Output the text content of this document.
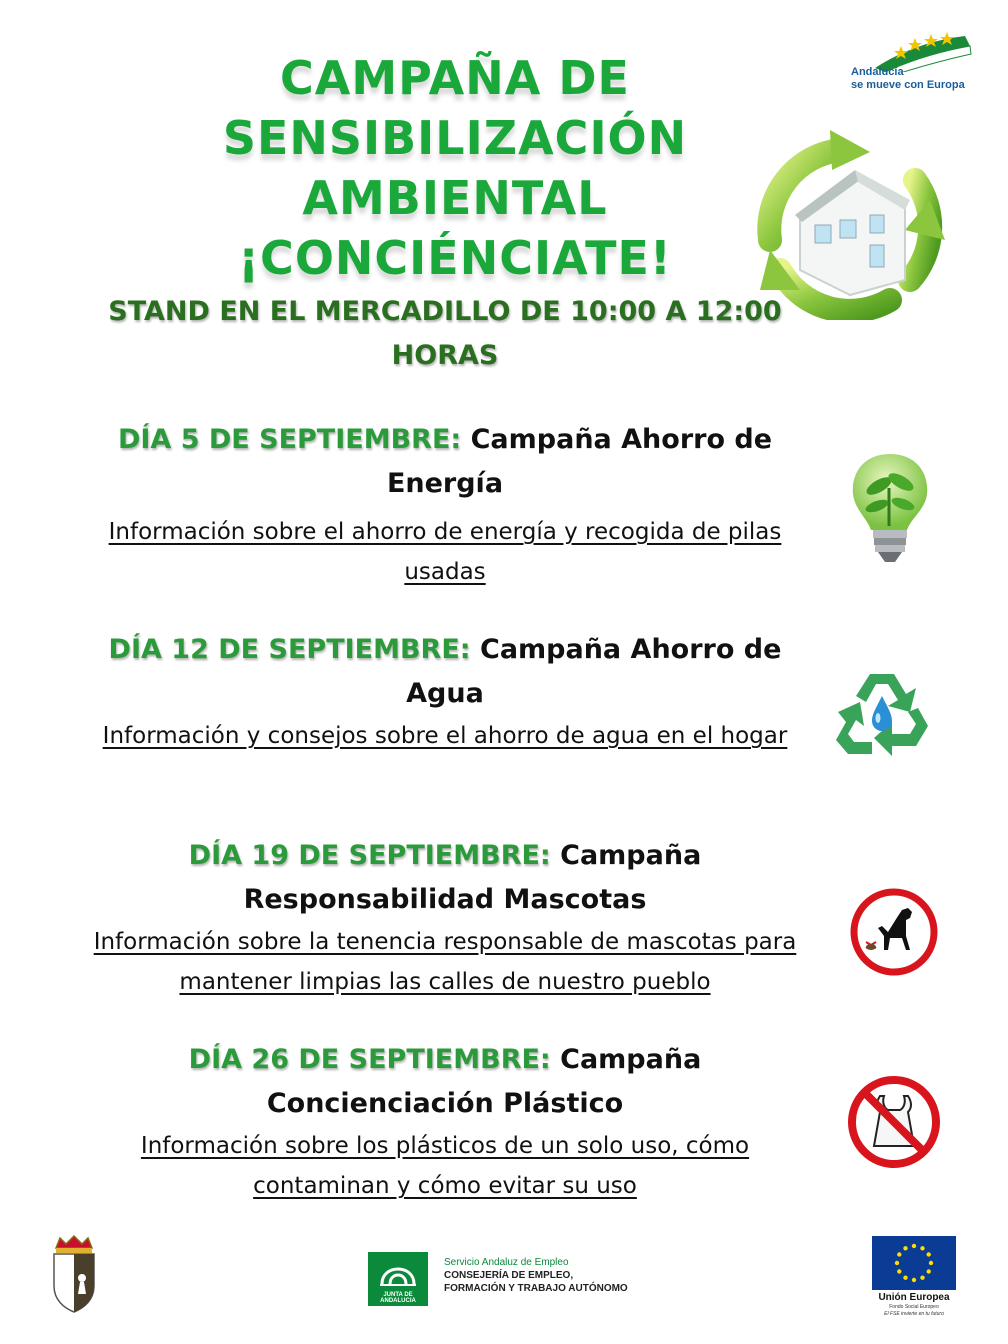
CAMPAÑA DE SENSIBILIZACIÓN
AMBIENTAL
¡CONCIÉNCIATE!
Andalucía
se mueve con Europa
STAND EN EL MERCADILLO DE 10:00 A 12:00 HORAS
DÍA 5 DE SEPTIEMBRE: Campaña Ahorro de Energía
Información sobre el ahorro de energía y recogida de pilas usadas
DÍA 12 DE SEPTIEMBRE: Campaña Ahorro de Agua
Información y consejos sobre el ahorro de agua en el hogar
DÍA 19 DE SEPTIEMBRE: Campaña Responsabilidad Mascotas
Información sobre la tenencia responsable de mascotas para mantener limpias las calles de nuestro pueblo
DÍA 26 DE SEPTIEMBRE: Campaña Concienciación Plástico
Información sobre los plásticos de un solo uso, cómo contaminan y cómo evitar su uso
JUNTA DE ANDALUCIA
Servicio Andaluz de Empleo
CONSEJERÍA DE EMPLEO,
FORMACIÓN Y TRABAJO AUTÓNOMO
Unión Europea
Fondo Social Europeo
El FSE invierte en tu futuro
